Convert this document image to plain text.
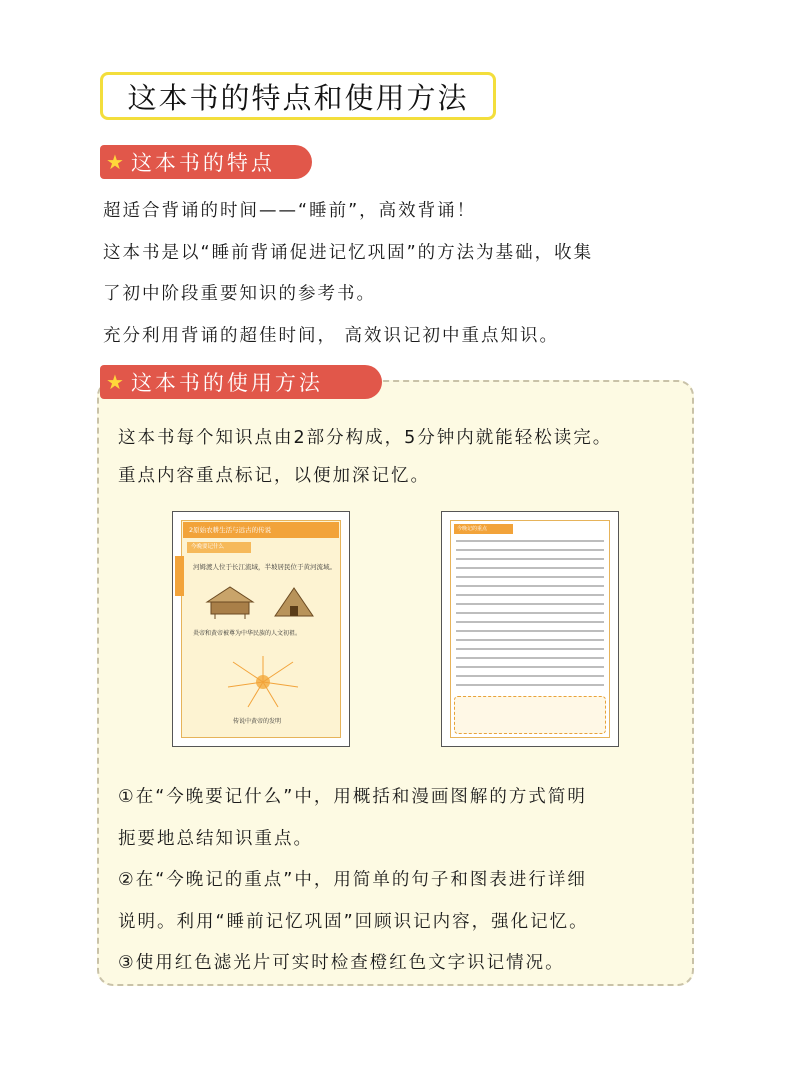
这本书的特点和使用方法
★ 这本书的特点
超适合背诵的时间——“睡前”，高效背诵！
这本书是以“睡前背诵促进记忆巩固”的方法为基础，收集
了初中阶段重要知识的参考书。
充分利用背诵的超佳时间， 高效识记初中重点知识。
★ 这本书的使用方法
这本书每个知识点由2部分构成，5分钟内就能轻松读完。
重点内容重点标记，以便加深记忆。
2原始农耕生活与远古的传说
今晚要记什么
河姆渡人位于长江流域，半坡居民位于黄河流域。
炎帝和黄帝被尊为中华民族的人文初祖。
传说中黄帝的发明
今晚记的重点
①在“今晚要记什么”中，用概括和漫画图解的方式简明
扼要地总结知识重点。
②在“今晚记的重点”中，用简单的句子和图表进行详细
说明。利用“睡前记忆巩固”回顾识记内容，强化记忆。
③使用红色滤光片可实时检查橙红色文字识记情况。
